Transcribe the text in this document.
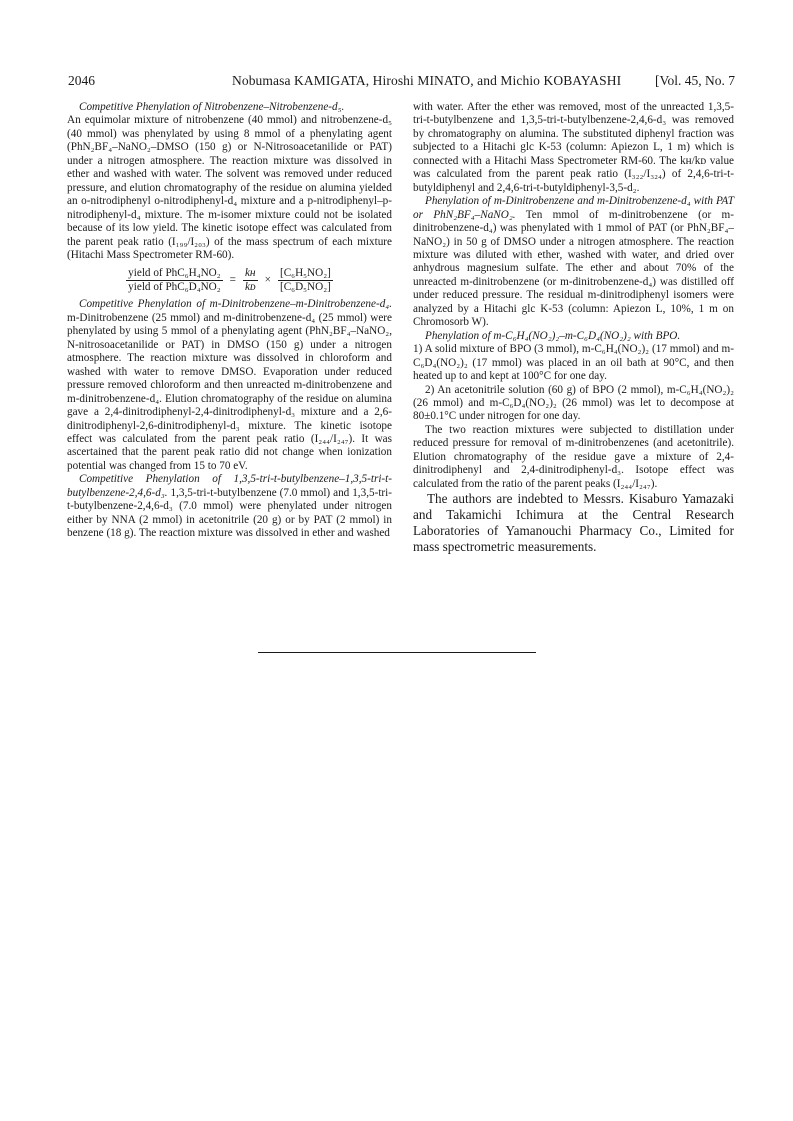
2046	Nobumasa KAMIGATA, Hiroshi MINATO, and Michio KOBAYASHI	[Vol. 45, No. 7

Competitive Phenylation of Nitrobenzene–Nitrobenzene-d₅.

An equimolar mixture of nitrobenzene (40 mmol) and nitrobenzene-d₅ (40 mmol) was phenylated by using 8 mmol of a phenylating agent (PhN₂BF₄–NaNO₂–DMSO (150 g) or N-Nitrosoacetanilide or PAT) under a nitrogen atmosphere. The reaction mixture was dissolved in ether and washed with water. The solvent was removed under reduced pressure, and elution chromatography of the residue on alumina yielded an o-nitrodiphenyl o-nitrodiphenyl-d₄ mixture and a p-nitrodiphenyl–p-nitrodiphenyl-d₄ mixture. The m-isomer mixture could not be isolated because of its low yield. The kinetic isotope effect was calculated from the parent peak ratio (I₁₉₉/I₂₀₃) of the mass spectrum of each mixture (Hitachi Mass Spectrometer RM-60).

$\frac{\text{yield of PhC₆H₄NO₂}}{\text{yield of PhC₆D₄NO₂}} = \frac{\text{kʜ}}{\text{kᴅ}} \times \frac{\text{[C₆H₅NO₂]}}{\text{[C₆D₅NO₂]}}$

Competitive Phenylation of m-Dinitrobenzene–m-Dinitrobenzene-d₄. m-Dinitrobenzene (25 mmol) and m-dinitrobenzene-d₄ (25 mmol) were phenylated by using 5 mmol of a phenylating agent (PhN₂BF₄–NaNO₂, N-nitrosoacetanilide or PAT) in DMSO (150 g) under a nitrogen atmosphere. The reaction mixture was dissolved in chloroform and washed with water to remove DMSO. Evaporation under reduced pressure removed chloroform and then unreacted m-dinitrobenzene and m-dinitrobenzene-d₄. Elution chromatography of the residue on alumina gave a 2,4-dinitrodiphenyl-2,4-dinitrodiphenyl-d₃ mixture and a 2,6-dinitrodiphenyl-2,6-dinitrodiphenyl-d₃ mixture. The kinetic isotope effect was calculated from the parent peak ratio (I₂₄₄/I₂₄₇). It was ascertained that the parent peak ratio did not change when ionization potential was changed from 15 to 70 eV.

Competitive Phenylation of 1,3,5-tri-t-butylbenzene–1,3,5-tri-t-butylbenzene-2,4,6-d₃. 1,3,5-tri-t-butylbenzene (7.0 mmol) and 1,3,5-tri-t-butylbenzene-2,4,6-d₃ (7.0 mmol) were phenylated under nitrogen either by NNA (2 mmol) in acetonitrile (20 g) or by PAT (2 mmol) in benzene (18 g). The reaction mixture was dissolved in ether and washed

with water. After the ether was removed, most of the unreacted 1,3,5-tri-t-butylbenzene and 1,3,5-tri-t-butylbenzene-2,4,6-d₃ was removed by chromatography on alumina. The substituted diphenyl fraction was subjected to a Hitachi glc K-53 (column: Apiezon L, 1 m) which is connected with a Hitachi Mass Spectrometer RM-60. The kʜ/kᴅ value was calculated from the parent peak ratio (I₃₂₂/I₃₂₄) of 2,4,6-tri-t-butyldiphenyl and 2,4,6-tri-t-butyldiphenyl-3,5-d₂.

Phenylation of m-Dinitrobenzene and m-Dinitrobenzene-d₄ with PAT or PhN₂BF₄–NaNO₂. Ten mmol of m-dinitrobenzene (or m-dinitrobenzene-d₄) was phenylated with 1 mmol of PAT (or PhN₂BF₄–NaNO₂) in 50 g of DMSO under a nitrogen atmosphere. The reaction mixture was diluted with ether, washed with water, and dried over anhydrous magnesium sulfate. The ether and about 70% of the unreacted m-dinitrobenzene (or m-dinitrobenzene-d₄) was distilled off under reduced pressure. The residual m-dinitrodiphenyl isomers were analyzed by a Hitachi glc K-53 (column: Apiezon L, 10%, 1 m on Chromosorb W).

Phenylation of m-C₆H₄(NO₂)₂–m-C₆D₄(NO₂)₂ with BPO.

1) A solid mixture of BPO (3 mmol), m-C₆H₄(NO₂)₂ (17 mmol) and m-C₆D₄(NO₂)₂ (17 mmol) was placed in an oil bath at 90°C, and then heated up to and kept at 100°C for one day.

2) An acetonitrile solution (60 g) of BPO (2 mmol), m-C₆H₄(NO₂)₂ (26 mmol) and m-C₆D₄(NO₂)₂ (26 mmol) was let to decompose at 80±0.1°C under nitrogen for one day.

The two reaction mixtures were subjected to distillation under reduced pressure for removal of m-dinitrobenzenes (and acetonitrile). Elution chromatography of the residue gave a mixture of 2,4-dinitrodiphenyl and 2,4-dinitrodiphenyl-d₃. Isotope effect was calculated from the ratio of the parent peaks (I₂₄₄/I₂₄₇).

The authors are indebted to Messrs. Kisaburo Yamazaki and Takamichi Ichimura at the Central Research Laboratories of Yamanouchi Pharmacy Co., Limited for mass spectrometric measurements.
